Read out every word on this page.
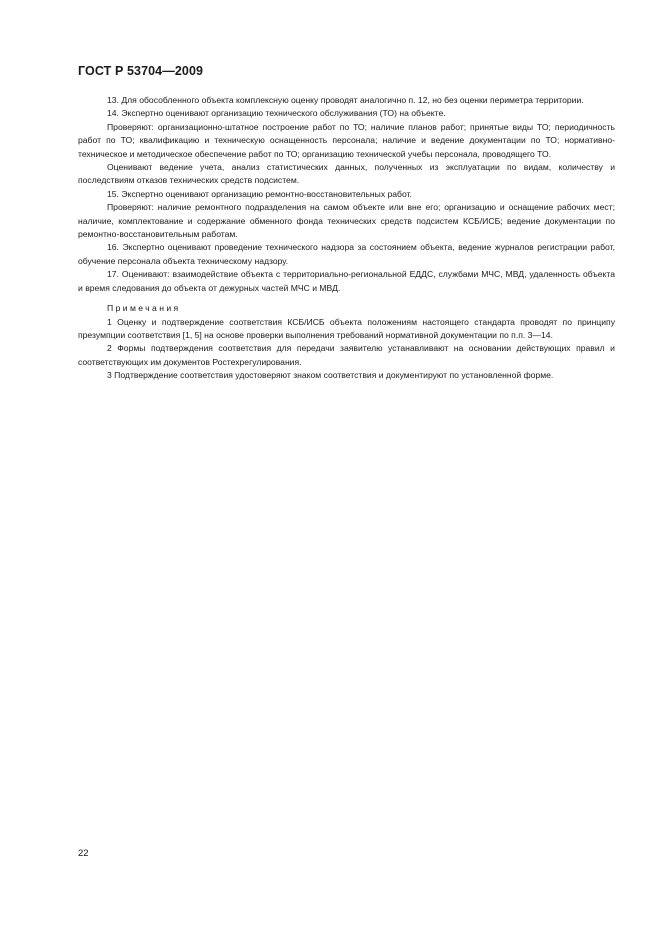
ГОСТ Р 53704—2009

13. Для обособленного объекта комплексную оценку проводят аналогично п. 12, но без оценки периметра территории.

14. Экспертно оценивают организацию технического обслуживания (ТО) на объекте.

Проверяют: организационно-штатное построение работ по ТО; наличие планов работ; принятые виды ТО; периодичность работ по ТО; квалификацию и техническую оснащенность персонала; наличие и ведение документации по ТО; нормативно-техническое и методическое обеспечение работ по ТО; организацию технической учебы персонала, проводящего ТО.

Оценивают ведение учета, анализ статистических данных, полученных из эксплуатации по видам, количеству и последствиям отказов технических средств подсистем.

15. Экспертно оценивают организацию ремонтно-восстановительных работ.

Проверяют: наличие ремонтного подразделения на самом объекте или вне его; организацию и оснащение рабочих мест; наличие, комплектование и содержание обменного фонда технических средств подсистем КСБ/ИСБ; ведение документации по ремонтно-восстановительным работам.

16. Экспертно оценивают проведение технического надзора за состоянием объекта, ведение журналов регистрации работ, обучение персонала объекта техническому надзору.

17. Оценивают: взаимодействие объекта с территориально-региональной ЕДДС, службами МЧС, МВД, удаленность объекта и время следования до объекта от дежурных частей МЧС и МВД.

Примечания

1 Оценку и подтверждение соответствия КСБ/ИСБ объекта положениям настоящего стандарта проводят по принципу презумпции соответствия [1, 5] на основе проверки выполнения требований нормативной документации по п.п. 3—14.

2 Формы подтверждения соответствия для передачи заявителю устанавливают на основании действующих правил и соответствующих им документов Ростехрегулирования.

3 Подтверждение соответствия удостоверяют знаком соответствия и документируют по установленной форме.

22
